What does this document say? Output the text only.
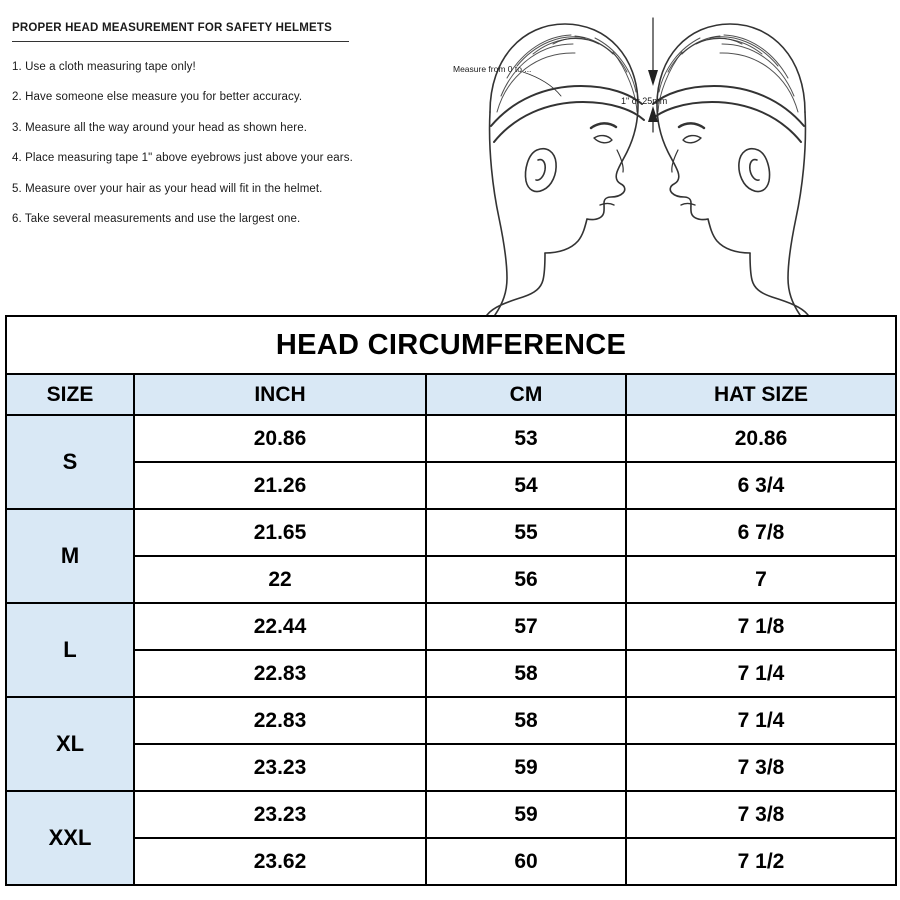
PROPER HEAD MEASUREMENT FOR SAFETY HELMETS
1. Use a cloth measuring tape only!
2. Have someone else measure you for better accuracy.
3. Measure all the way around your head as shown here.
4. Place measuring tape 1" above eyebrows just above your ears.
5. Measure over your hair as your head will fit in the helmet.
6. Take several measurements and use the largest one.
Measure from 0 to ...
1" or 25mm
HEAD CIRCUMFERENCE			
SIZE	INCH	CM	HAT SIZE
S	20.86	53	20.86
	21.26	54	6 3/4
M	21.65	55	6 7/8
	22	56	7
L	22.44	57	7 1/8
	22.83	58	7 1/4
XL	22.83	58	7 1/4
	23.23	59	7 3/8
XXL	23.23	59	7 3/8
	23.62	60	7 1/2
